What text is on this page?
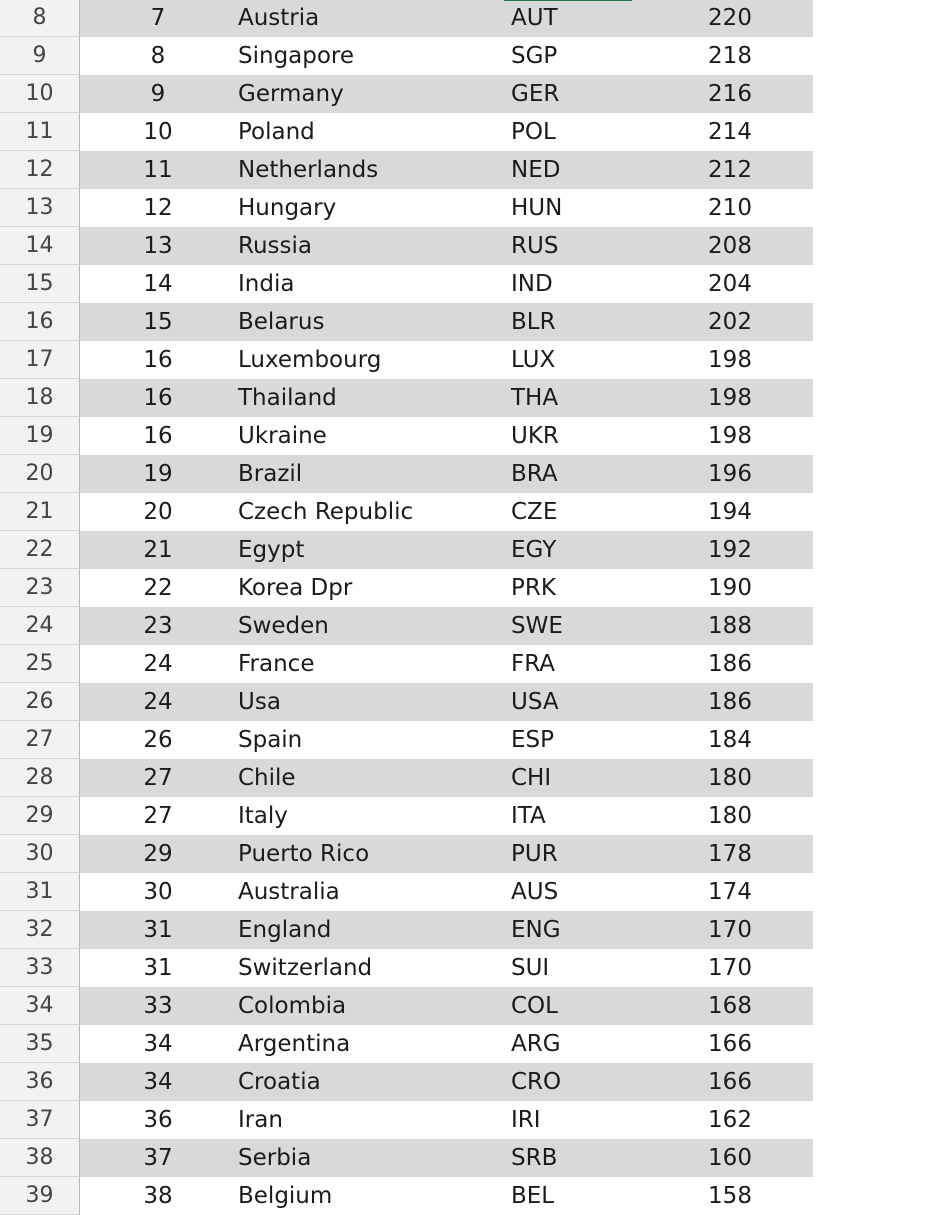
8	7	Austria	AUT	220
9	8	Singapore	SGP	218
10	9	Germany	GER	216
11	10	Poland	POL	214
12	11	Netherlands	NED	212
13	12	Hungary	HUN	210
14	13	Russia	RUS	208
15	14	India	IND	204
16	15	Belarus	BLR	202
17	16	Luxembourg	LUX	198
18	16	Thailand	THA	198
19	16	Ukraine	UKR	198
20	19	Brazil	BRA	196
21	20	Czech Republic	CZE	194
22	21	Egypt	EGY	192
23	22	Korea Dpr	PRK	190
24	23	Sweden	SWE	188
25	24	France	FRA	186
26	24	Usa	USA	186
27	26	Spain	ESP	184
28	27	Chile	CHI	180
29	27	Italy	ITA	180
30	29	Puerto Rico	PUR	178
31	30	Australia	AUS	174
32	31	England	ENG	170
33	31	Switzerland	SUI	170
34	33	Colombia	COL	168
35	34	Argentina	ARG	166
36	34	Croatia	CRO	166
37	36	Iran	IRI	162
38	37	Serbia	SRB	160
39	38	Belgium	BEL	158
